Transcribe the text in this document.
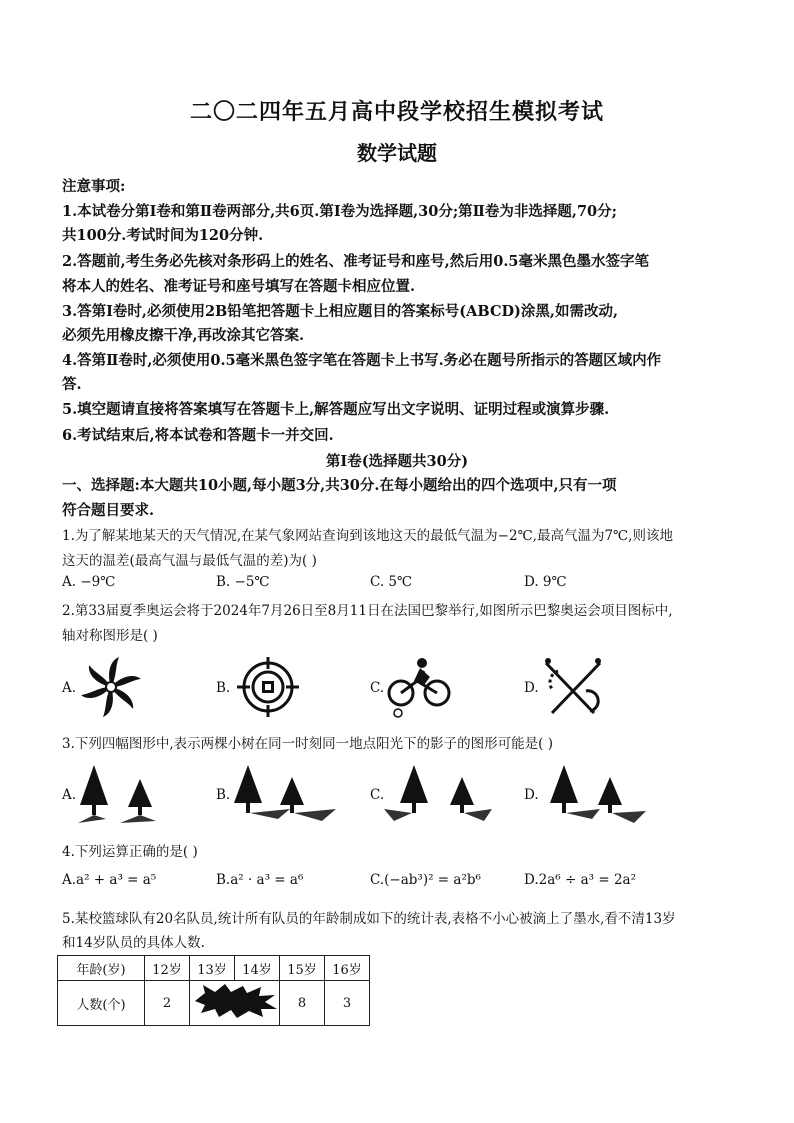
二〇二四年五月高中段学校招生模拟考试
数学试题
注意事项:
1.本试卷分第Ⅰ卷和第Ⅱ卷两部分,共6页.第Ⅰ卷为选择题,30分;第Ⅱ卷为非选择题,70分;
共100分.考试时间为120分钟.
2.答题前,考生务必先核对条形码上的姓名、准考证号和座号,然后用0.5毫米黑色墨水签字笔
将本人的姓名、准考证号和座号填写在答题卡相应位置.
3.答第Ⅰ卷时,必须使用2B铅笔把答题卡上相应题目的答案标号(ABCD)涂黑,如需改动,
必须先用橡皮擦干净,再改涂其它答案.
4.答第Ⅱ卷时,必须使用0.5毫米黑色签字笔在答题卡上书写.务必在题号所指示的答题区域内作
答.
5.填空题请直接将答案填写在答题卡上,解答题应写出文字说明、证明过程或演算步骤.
6.考试结束后,将本试卷和答题卡一并交回.
第Ⅰ卷(选择题共30分)
一、选择题:本大题共10小题,每小题3分,共30分.在每小题给出的四个选项中,只有一项
符合题目要求.
1.为了解某地某天的天气情况,在某气象网站查询到该地这天的最低气温为−2℃,最高气温为7℃,则该地
这天的温差(最高气温与最低气温的差)为( )
A. −9℃	B. −5℃	C. 5℃	D. 9℃
2.第33届夏季奥运会将于2024年7月26日至8月11日在法国巴黎举行,如图所示巴黎奥运会项目图标中,
轴对称图形是( )
A.	B.	C.	D.
3.下列四幅图形中,表示两棵小树在同一时刻同一地点阳光下的影子的图形可能是( )
A.	B.	C.	D.
4.下列运算正确的是( )
A.a² + a³ = a⁵	B.a² · a³ = a⁶	C.(−ab³)² = a²b⁶	D.2a⁶ ÷ a³ = 2a²
5.某校篮球队有20名队员,统计所有队员的年龄制成如下的统计表,表格不小心被滴上了墨水,看不清13岁
和14岁队员的具体人数.
年龄(岁)	12岁	13岁	14岁	15岁	16岁
人数(个)	2			8	3
